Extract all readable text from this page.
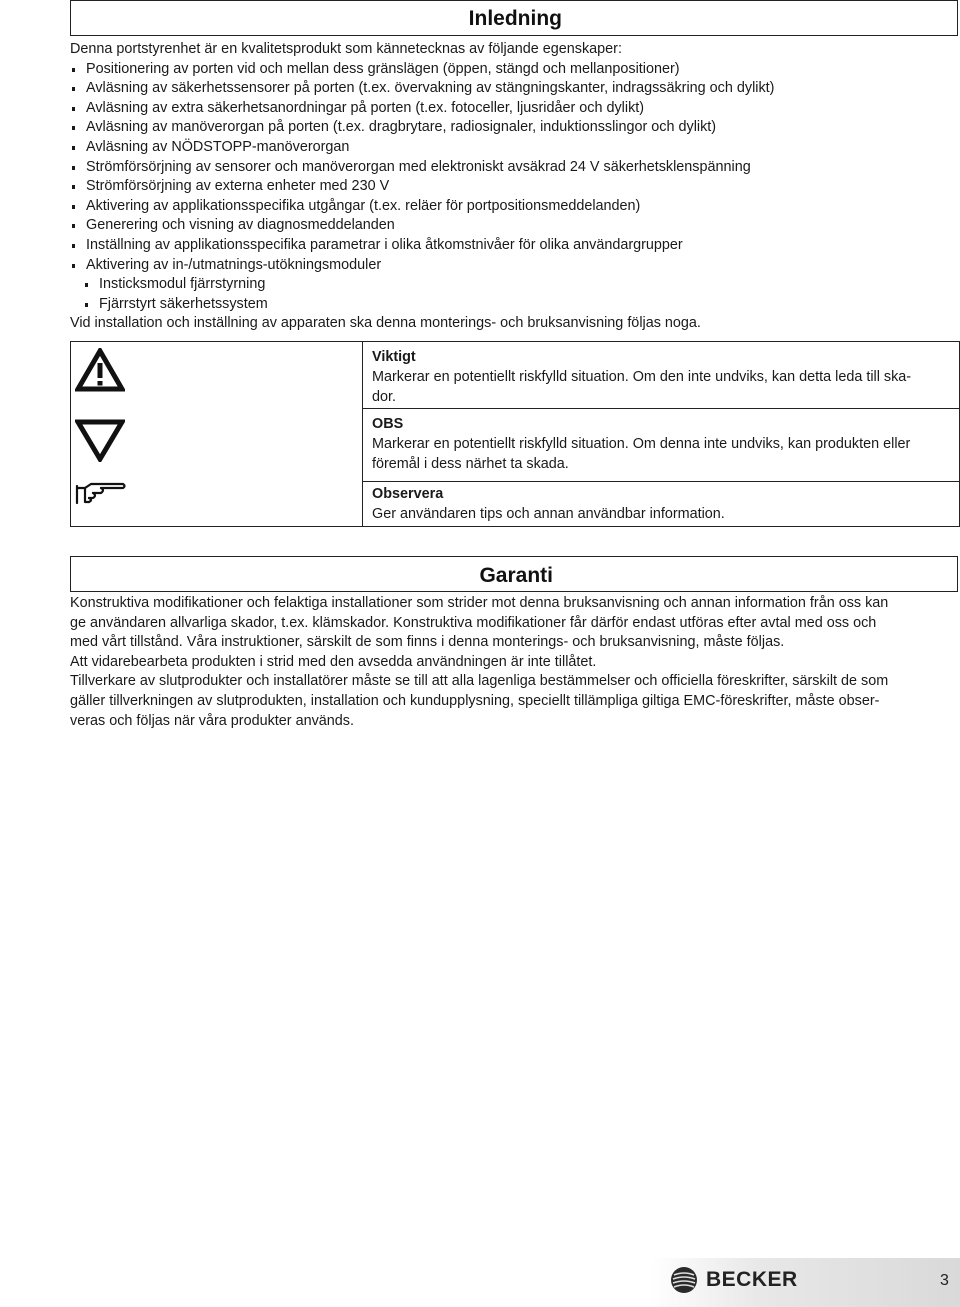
Inledning

Denna portstyrenhet är en kvalitetsprodukt som kännetecknas av följande egenskaper:

Positionering av porten vid och mellan dess gränslägen (öppen, stängd och mellanpositioner)
Avläsning av säkerhetssensorer på porten (t.ex. övervakning av stängningskanter, indragssäkring och dylikt)
Avläsning av extra säkerhetsanordningar på porten (t.ex. fotoceller, ljusridåer och dylikt)
Avläsning av manöverorgan på porten (t.ex. dragbrytare, radiosignaler, induktionsslingor och dylikt)
Avläsning av NÖDSTOPP-manöverorgan
Strömförsörjning av sensorer och manöverorgan med elektroniskt avsäkrad 24 V säkerhetsklenspänning
Strömförsörjning av externa enheter med 230 V
Aktivering av applikationsspecifika utgångar (t.ex. reläer för portpositionsmeddelanden)
Generering och visning av diagnosmeddelanden
Inställning av applikationsspecifika parametrar i olika åtkomstnivåer för olika användargrupper
Aktivering av in-/utmatnings-utökningsmoduler
Insticksmodul fjärrstyrning
Fjärrstyrt säkerhetssystem

Vid installation och inställning av apparaten ska denna monterings- och bruksanvisning följas noga.

Viktigt
Markerar en potentiellt riskfylld situation. Om den inte undviks, kan detta leda till ska-
dor.
OBS
Markerar en potentiellt riskfylld situation. Om denna inte undviks, kan produkten eller
föremål i dess närhet ta skada.
Observera
Ger användaren tips och annan användbar information.
Garanti

Konstruktiva modifikationer och felaktiga installationer som strider mot denna bruksanvisning och annan information från oss kan

ge användaren allvarliga skador, t.ex. klämskador. Konstruktiva modifikationer får därför endast utföras efter avtal med oss och

med vårt tillstånd. Våra instruktioner, särskilt de som finns i denna monterings- och bruksanvisning, måste följas.

Att vidarebearbeta produkten i strid med den avsedda användningen är inte tillåtet.

Tillverkare av slutprodukter och installatörer måste se till att alla lagenliga bestämmelser och officiella föreskrifter, särskilt de som

gäller tillverkningen av slutprodukten, installation och kundupplysning, speciellt tillämpliga giltiga EMC-föreskrifter, måste obser-

veras och följas när våra produkter används.

BECKER	3
